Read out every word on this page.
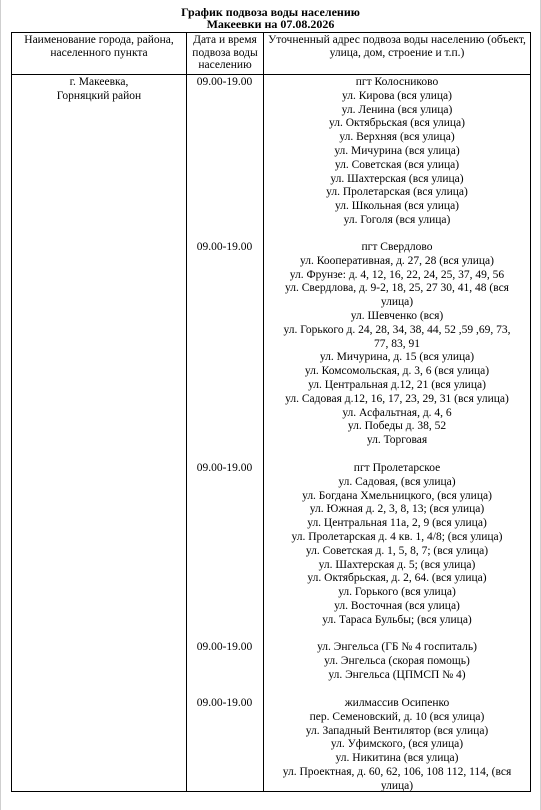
График подвоза воды населению
Макеевки на 07.08.2026
Наименование города, района, населенного пункта
Дата и время подвоза воды населению
Уточненный адрес подвоза воды населению (объект, улица, дом, строение и т.п.)
г. Макеевка,
Горняцкий район
09.00-19.00	пгт Колосниково
ул. Кирова (вся улица)
ул. Ленина (вся улица)
ул. Октябрьская (вся улица)
ул. Верхняя (вся улица)
ул. Мичурина (вся улица)
ул. Советская (вся улица)
ул. Шахтерская (вся улица)
ул. Пролетарская (вся улица)
ул. Школьная (вся улица)
ул. Гоголя (вся улица)
09.00-19.00	пгт Свердлово
ул. Кооперативная, д. 27, 28 (вся улица)
ул. Фрунзе: д. 4, 12, 16, 22, 24, 25, 37, 49, 56
ул. Свердлова, д. 9-2, 18, 25, 27 30, 41, 48 (вся
улица)
ул. Шевченко (вся)
ул. Горького д. 24, 28, 34, 38, 44, 52 ,59 ,69, 73,
77, 83, 91
ул. Мичурина, д. 15 (вся улица)
ул. Комсомольская, д. 3, 6 (вся улица)
ул. Центральная д.12, 21 (вся улица)
ул. Садовая д.12, 16, 17, 23, 29, 31 (вся улица)
ул. Асфальтная, д. 4, 6
ул. Победы д. 38, 52
ул. Торговая
09.00-19.00	пгт Пролетарское
ул. Садовая, (вся улица)
ул. Богдана Хмельницкого, (вся улица)
ул. Южная д. 2, 3, 8, 13; (вся улица)
ул. Центральная 11а, 2, 9 (вся улица)
ул. Пролетарская д. 4 кв. 1, 4/8; (вся улица)
ул. Советская д. 1, 5, 8, 7; (вся улица)
ул. Шахтерская д. 5; (вся улица)
ул. Октябрьская, д. 2, 64. (вся улица)
ул. Горького (вся улица)
ул. Восточная (вся улица)
ул. Тараса Бульбы; (вся улица)
09.00-19.00	ул. Энгельса (ГБ № 4 госпиталь)
ул. Энгельса (скорая помощь)
ул. Энгельса (ЦПМСП № 4)
09.00-19.00	жилмассив Осипенко
пер. Семеновский, д. 10 (вся улица)
ул. Западный Вентилятор (вся улица)
ул. Уфимского, (вся улица)
ул. Никитина (вся улица)
ул. Проектная, д. 60, 62, 106, 108 112, 114, (вся
улица)
